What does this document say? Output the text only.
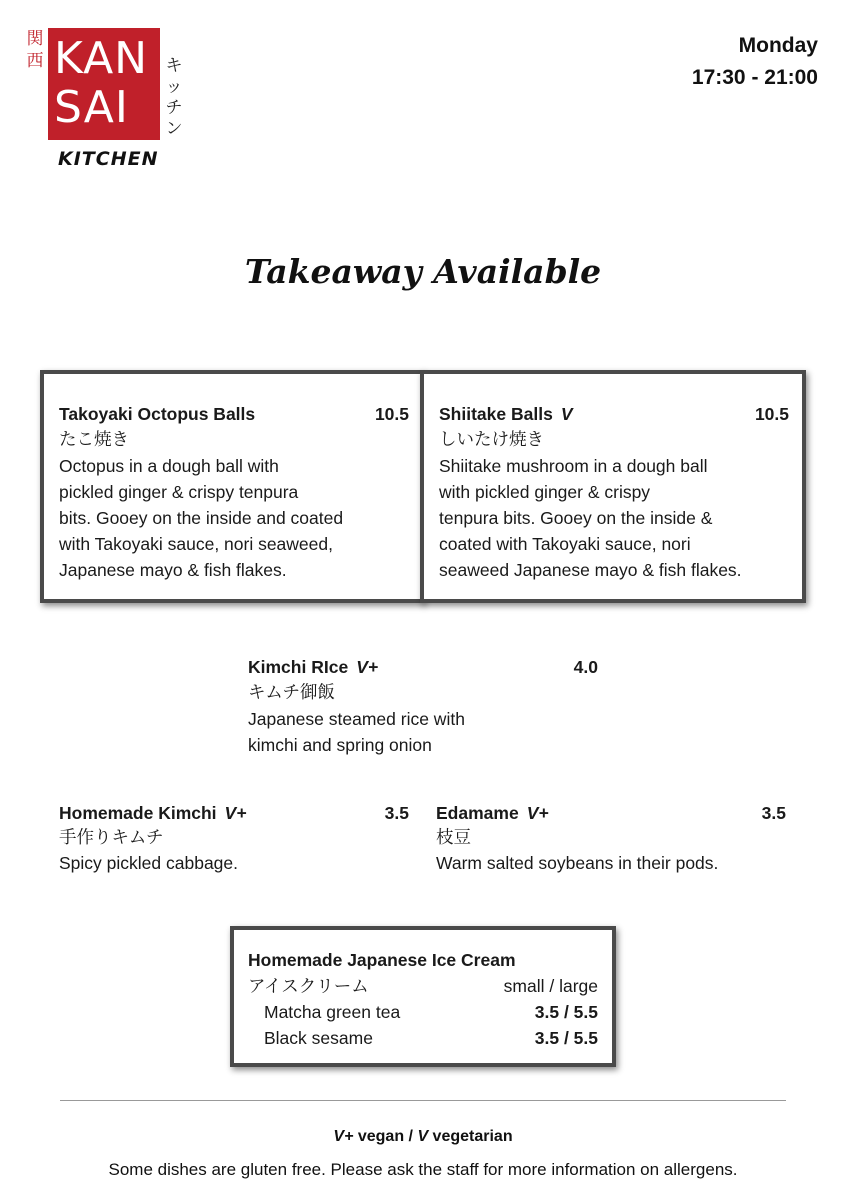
関
西 KAN
SAI
キ
ッ
チ
ン
KITCHEN
Monday
17:30 - 21:00
Takeaway Available
Takoyaki Octopus Balls	10.5
たこ焼き
Octopus in a dough ball with
pickled ginger & crispy tenpura
bits. Gooey on the inside and coated
with Takoyaki sauce, nori seaweed,
Japanese mayo & fish flakes.
Shiitake Balls V	10.5
しいたけ焼き
Shiitake mushroom in a dough ball
with pickled ginger & crispy
tenpura bits. Gooey on the inside &
coated with Takoyaki sauce, nori
seaweed Japanese mayo & fish flakes.
Kimchi RIce V+	4.0
キムチ御飯
Japanese steamed rice with
kimchi and spring onion
Homemade Kimchi V+	3.5
手作りキムチ
Spicy pickled cabbage.
Edamame V+	3.5
枝豆
Warm salted soybeans in their pods.
Homemade Japanese Ice Cream
アイスクリーム	small / large
Matcha green tea	3.5 / 5.5
Black sesame	3.5 / 5.5
V+ vegan / V vegetarian
Some dishes are gluten free. Please ask the staff for more information on allergens.
